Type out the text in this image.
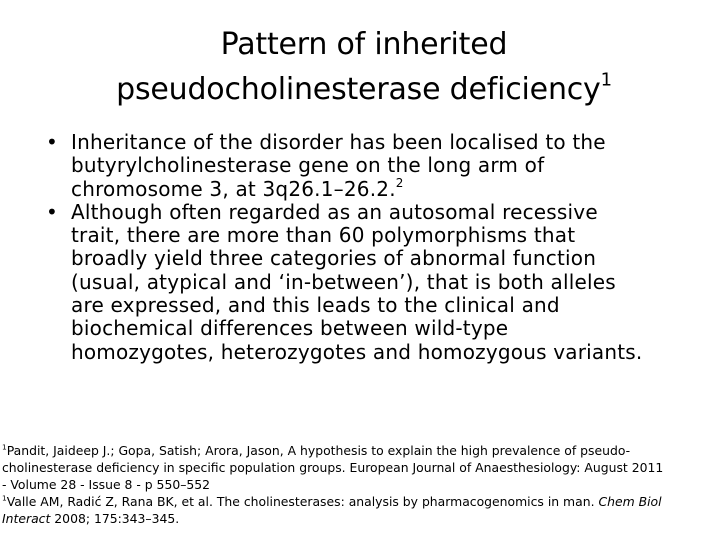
Pattern of inherited
pseudocholinesterase deficiency$^1$
• Inheritance of the disorder has been localised to the
butyrylcholinesterase gene on the long arm of
chromosome 3, at 3q26.1–26.2.$^2$
• Although often regarded as an autosomal recessive
trait, there are more than 60 polymorphisms that
broadly yield three categories of abnormal function
(usual, atypical and ‘in-between’), that is both alleles
are expressed, and this leads to the clinical and
biochemical differences between wild-type
homozygotes, heterozygotes and homozygous variants.
$^1$Pandit, Jaideep J.; Gopa, Satish; Arora, Jason, A hypothesis to explain the high prevalence of pseudo-
cholinesterase deficiency in specific population groups. European Journal of Anaesthesiology: August 2011
- Volume 28 - Issue 8 - p 550–552
$^1$Valle AM, Radić Z, Rana BK, et al. The cholinesterases: analysis by pharmacogenomics in man. Chem Biol
Interact 2008; 175:343–345.
